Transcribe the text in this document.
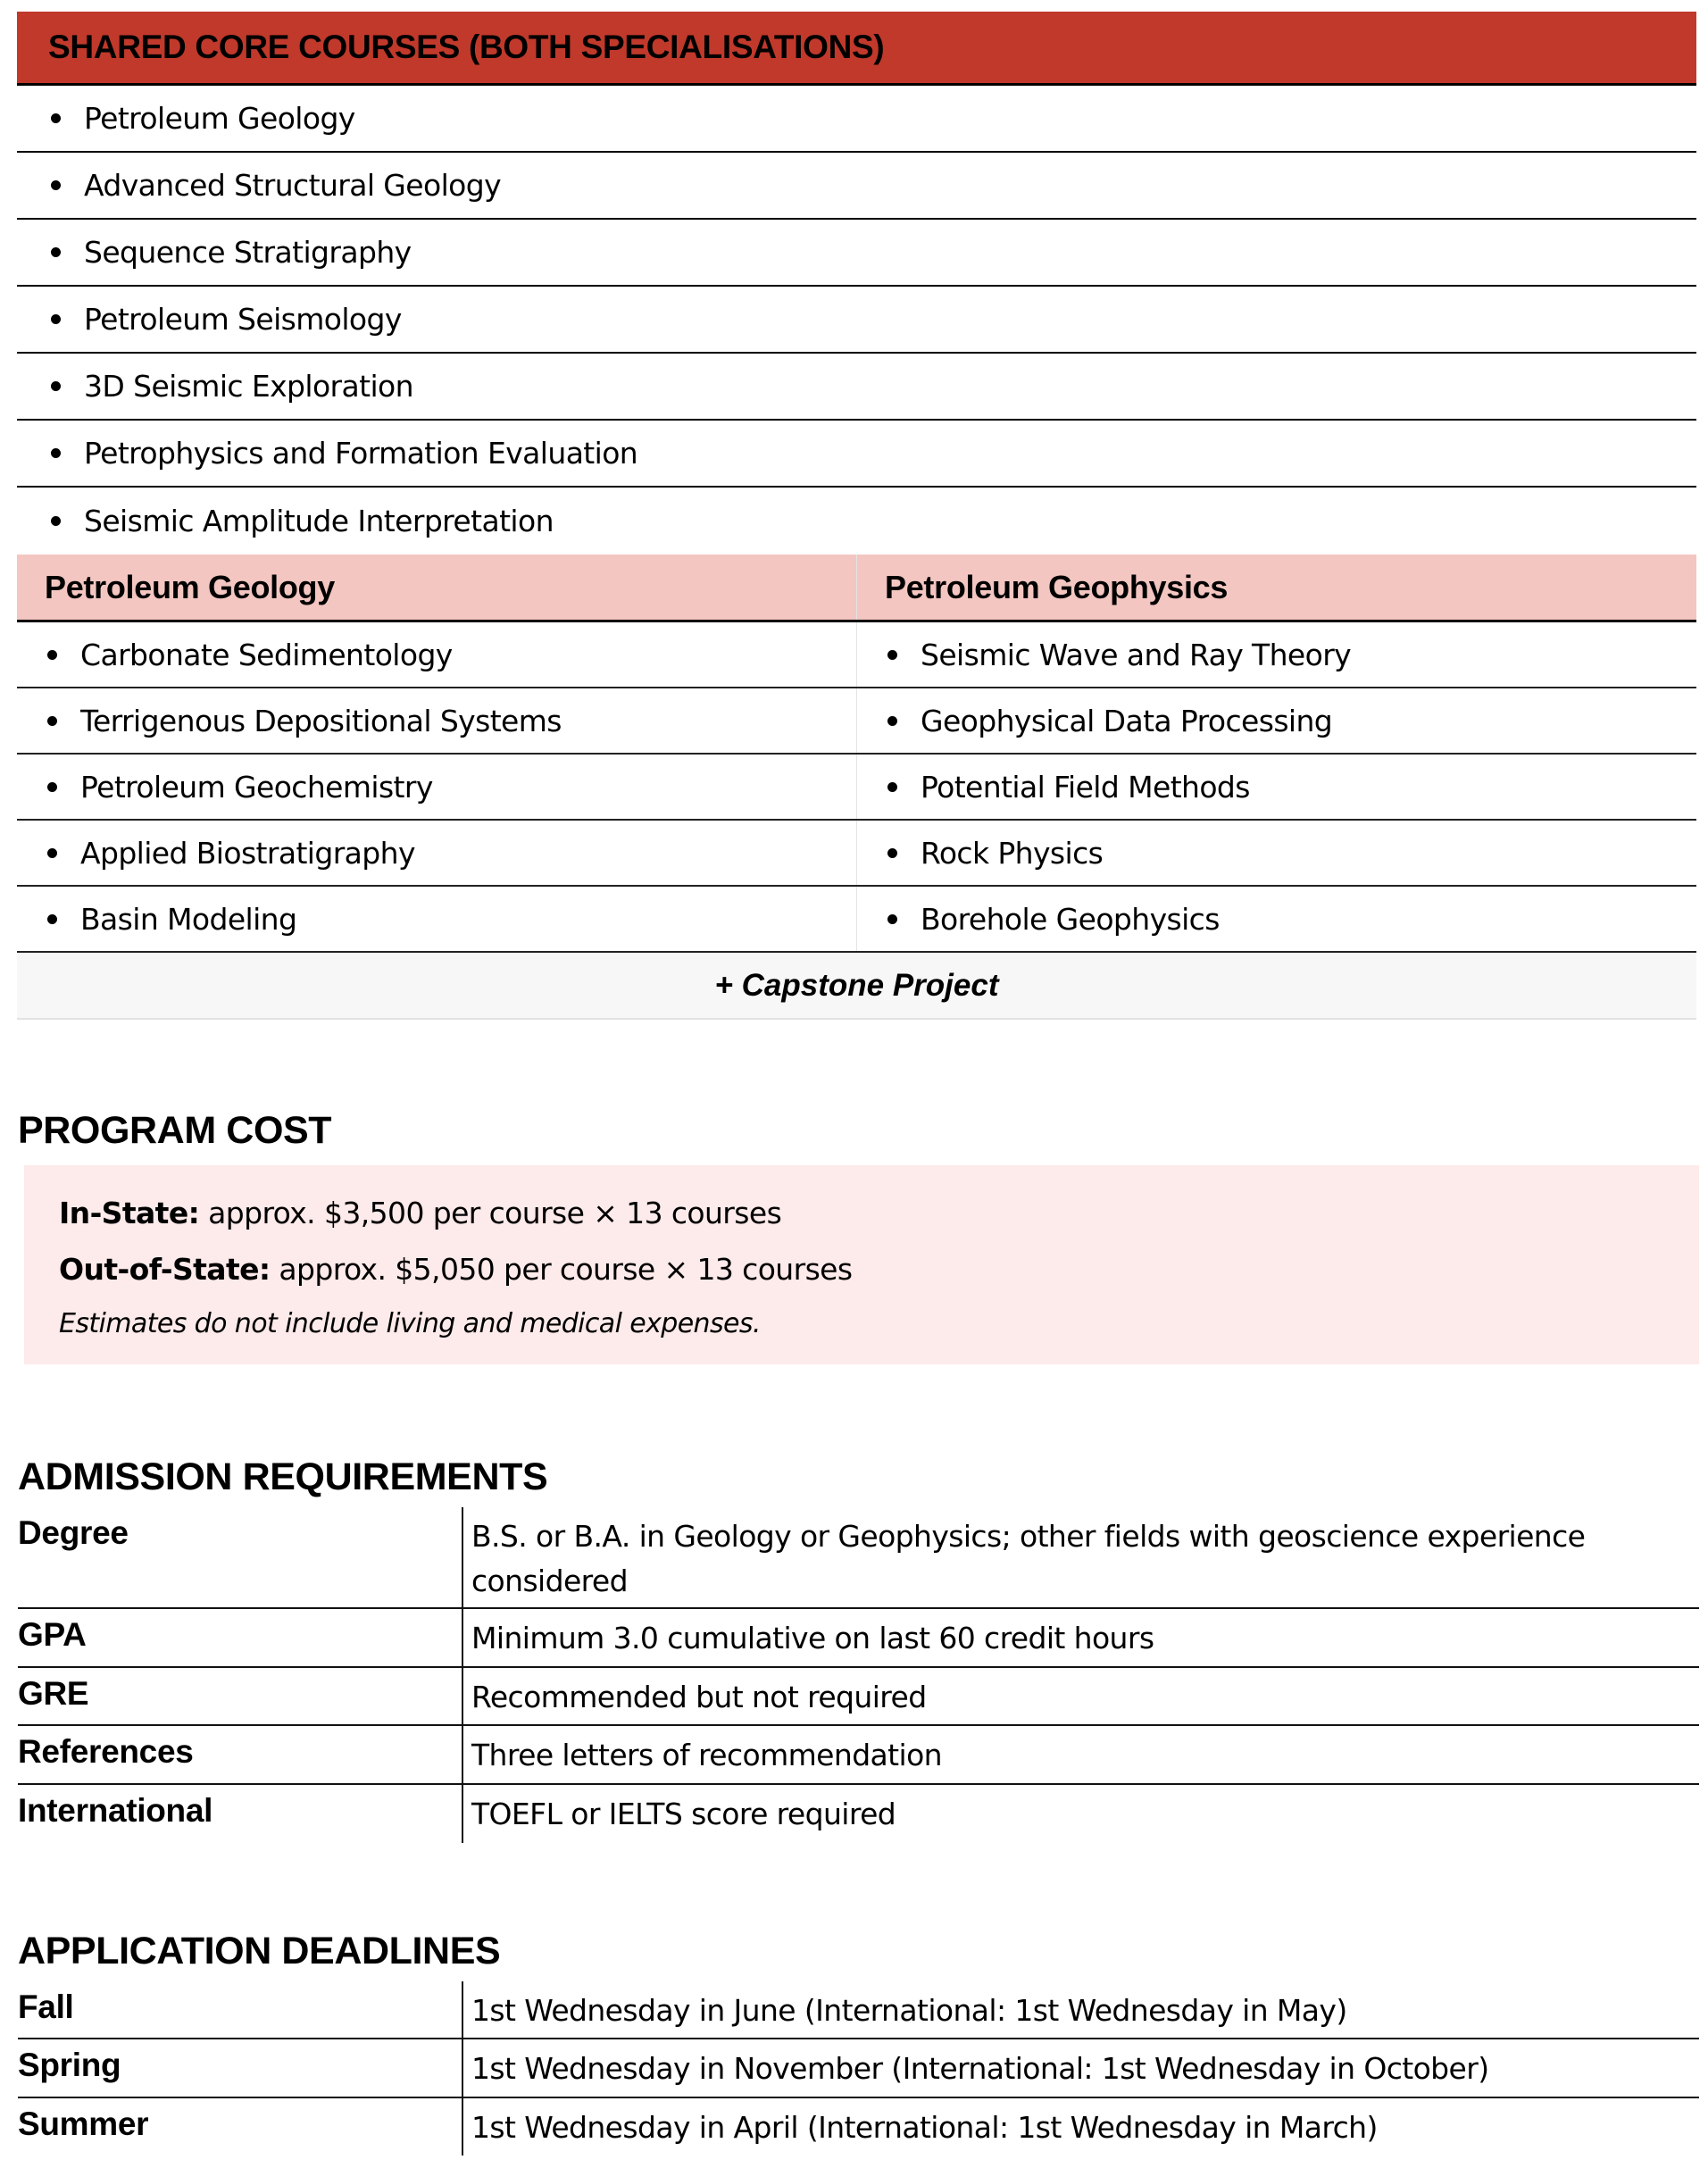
SHARED CORE COURSES (BOTH SPECIALISATIONS)
Petroleum Geology
Advanced Structural Geology
Sequence Stratigraphy
Petroleum Seismology
3D Seismic Exploration
Petrophysics and Formation Evaluation
Seismic Amplitude Interpretation
Petroleum Geology	Petroleum Geophysics
Carbonate Sedimentology	Seismic Wave and Ray Theory
Terrigenous Depositional Systems	Geophysical Data Processing
Petroleum Geochemistry	Potential Field Methods
Applied Biostratigraphy	Rock Physics
Basin Modeling	Borehole Geophysics
+ Capstone Project
PROGRAM COST
In-State: approx. $3,500 per course × 13 courses
Out-of-State: approx. $5,050 per course × 13 courses
Estimates do not include living and medical expenses.
ADMISSION REQUIREMENTS
Degree	B.S. or B.A. in Geology or Geophysics; other fields with geoscience experience considered
GPA	Minimum 3.0 cumulative on last 60 credit hours
GRE	Recommended but not required
References	Three letters of recommendation
International	TOEFL or IELTS score required
APPLICATION DEADLINES
Fall	1st Wednesday in June (International: 1st Wednesday in May)
Spring	1st Wednesday in November (International: 1st Wednesday in October)
Summer	1st Wednesday in April (International: 1st Wednesday in March)
